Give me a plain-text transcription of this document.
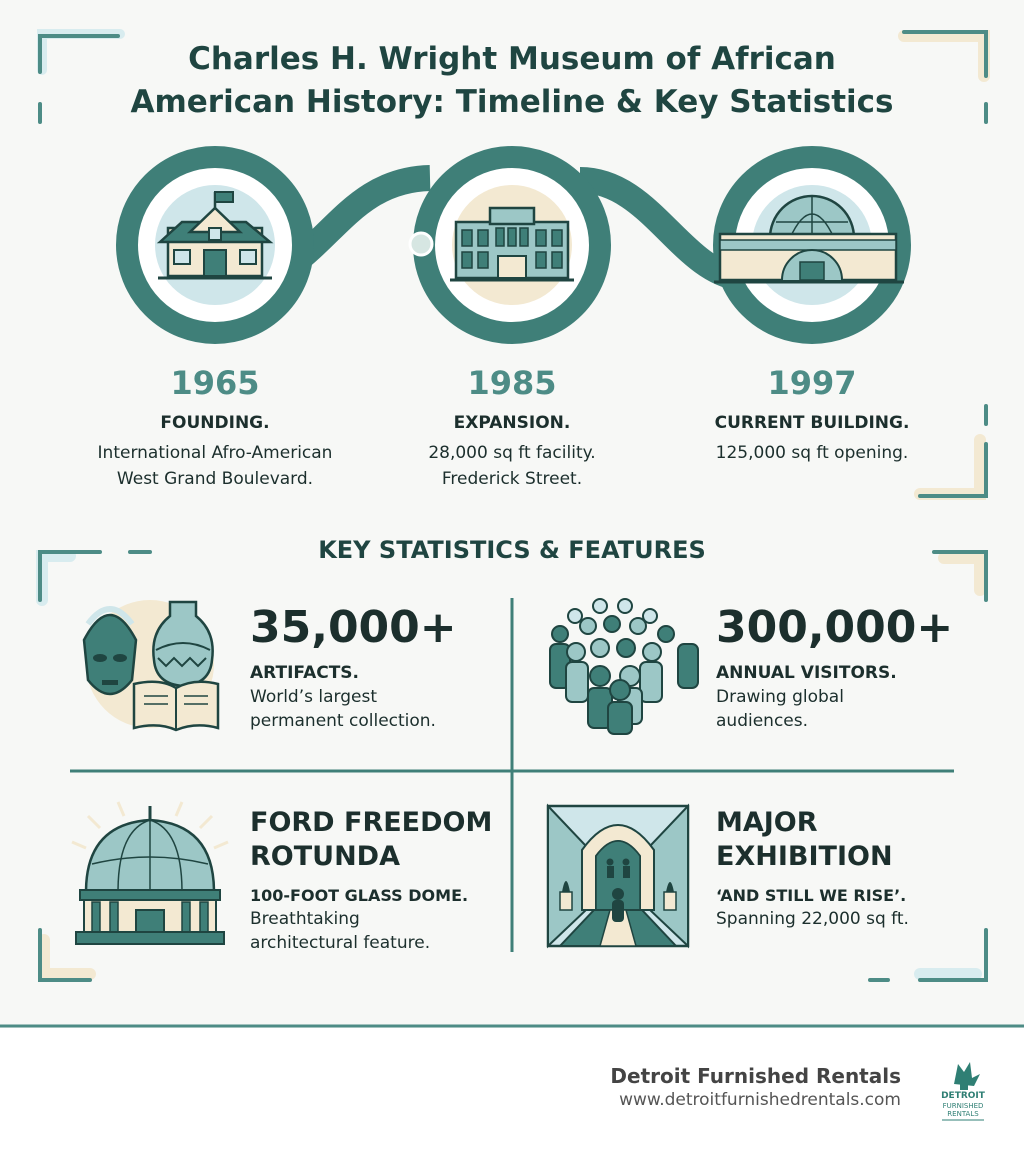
Charles H. Wright Museum of African
American History: Timeline & Key Statistics
1965
FOUNDING.
International Afro-American
West Grand Boulevard.
1985
EXPANSION.
28,000 sq ft facility.
Frederick Street.
1997
CURRENT BUILDING.
125,000 sq ft opening.
KEY STATISTICS & FEATURES
35,000+
ARTIFACTS.
World’s largest
permanent collection.
300,000+
ANNUAL VISITORS.
Drawing global
audiences.
FORD FREEDOM
ROTUNDA
100-FOOT GLASS DOME.
Breathtaking
architectural feature.
MAJOR
EXHIBITION
‘AND STILL WE RISE’.
Spanning 22,000 sq ft.
Detroit Furnished Rentals
www.detroitfurnishedrentals.com	DETROIT
FURNISHED
RENTALS
